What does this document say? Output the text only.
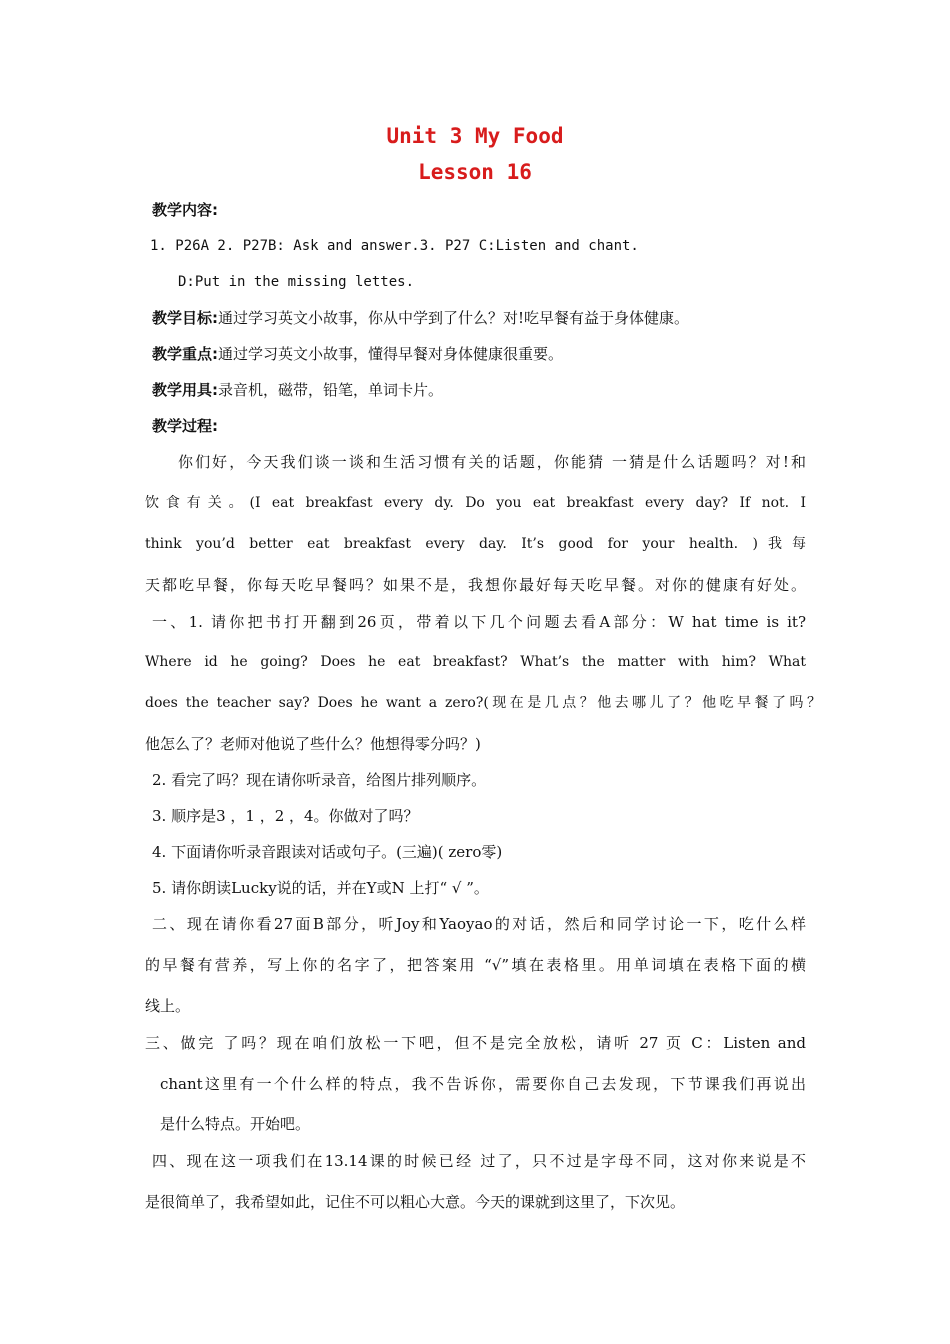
Unit 3 My Food
Lesson 16
教学内容:
1. P26A 2. P27B: Ask and answer.3. P27 C:Listen and chant.
D:Put in the missing lettes.
教学目标:通过学习英文小故事，你从中学到了什么？对!吃早餐有益于身体健康。
教学重点:通过学习英文小故事，懂得早餐对身体健康很重要。
教学用具:录音机，磁带，铅笔，单词卡片。
教学过程:
你们好，今天我们谈一谈和生活习惯有关的话题，你能猜 一猜是什么话题吗？对!和
饮食有关。(I eat breakfast every dy. Do you eat breakfast every day? If not. I
think you’d better eat breakfast every day. It’s good for your health. )我每
天都吃早餐，你每天吃早餐吗？如果不是，我想你最好每天吃早餐。对你的健康有好处。
一、1. 请你把书打开翻到26页，带着以下几个问题去看A部分：W hat time is it?
Where id he going? Does he eat breakfast? What’s the matter with him? What
does the teacher say? Does he want a zero?(现在是几点？他去哪儿了？他吃早餐了吗？
他怎么了？老师对他说了些什么？他想得零分吗？)
2. 看完了吗？现在请你听录音，给图片排列顺序。
3. 顺序是3 ，1 ，2 ，4。你做对了吗？
4. 下面请你听录音跟读对话或句子。(三遍)( zero零)
5. 请你朗读Lucky说的话，并在Y或N 上打“ √ ”。
二、现在请你看27面B部分，听Joy和Yaoyao的对话，然后和同学讨论一下，吃什么样
的早餐有营养，写上你的名字了，把答案用 “√”填在表格里。用单词填在表格下面的横
线上。
三、做完 了吗？现在咱们放松一下吧，但不是完全放松，请听 27 页 C：Listen and
chant这里有一个什么样的特点，我不告诉你，需要你自己去发现，下节课我们再说出
是什么特点。开始吧。
四、现在这一项我们在13.14课的时候已经 过了，只不过是字母不同，这对你来说是不
是很简单了，我希望如此，记住不可以粗心大意。今天的课就到这里了，下次见。
